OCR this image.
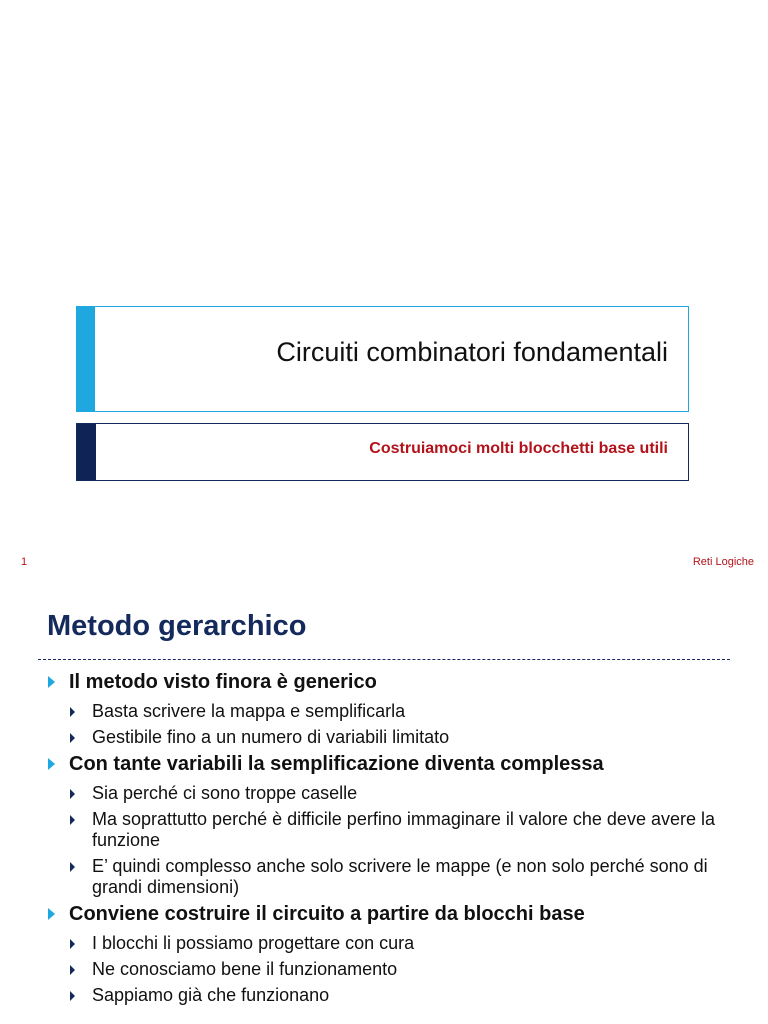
Circuiti combinatori fondamentali
Costruiamoci molti blocchetti base utili
1	Reti Logiche
Metodo gerarchico
Il metodo visto finora è generico
Basta scrivere la mappa e semplificarla
Gestibile fino a un numero di variabili limitato
Con tante variabili la semplificazione diventa complessa
Sia perché ci sono troppe caselle
Ma soprattutto perché è difficile perfino immaginare il valore che deve avere la funzione
E’ quindi complesso anche solo scrivere le mappe (e non solo perché sono di grandi dimensioni)
Conviene costruire il circuito a partire da blocchi base
I blocchi li possiamo progettare con cura
Ne conosciamo bene il funzionamento
Sappiamo già che funzionano
